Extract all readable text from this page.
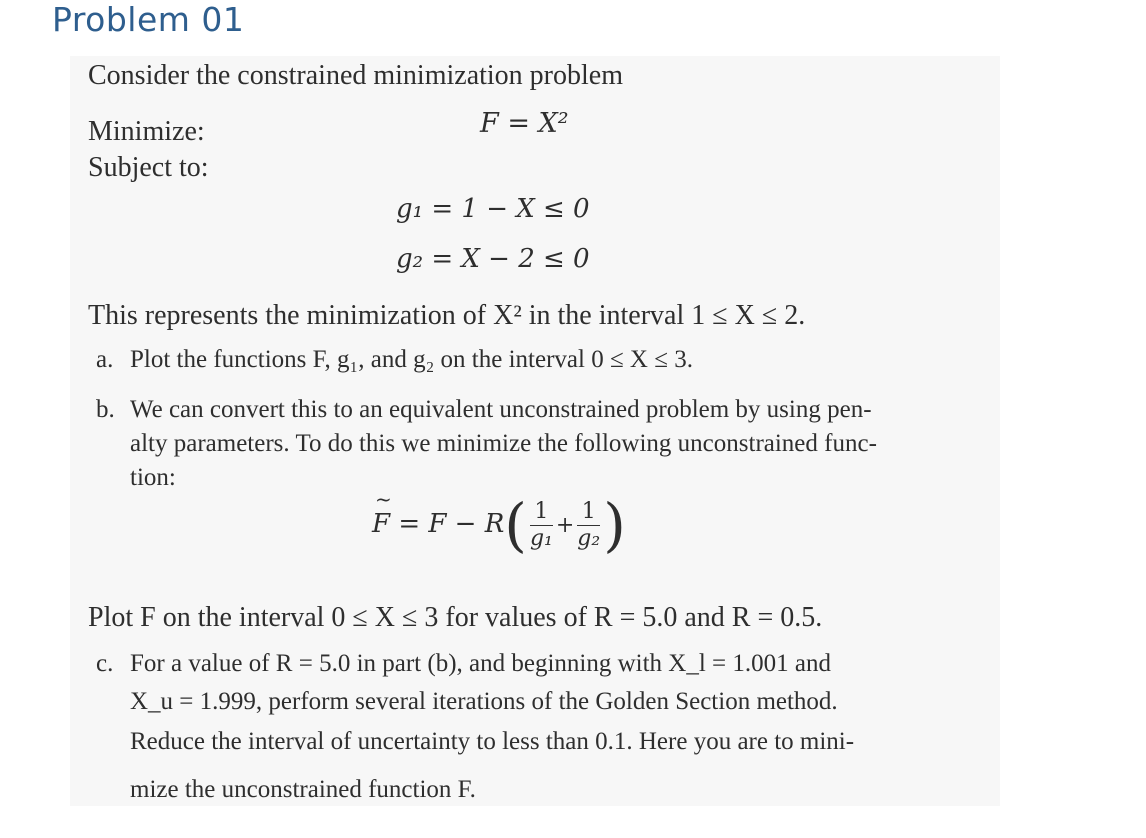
Problem 01
Consider the constrained minimization problem
Minimize:	F = X²
Subject to:
g₁ = 1 − X ≤ 0
g₂ = X − 2 ≤ 0
This represents the minimization of X² in the interval 1 ≤ X ≤ 2.
a. Plot the functions F, g₁, and g₂ on the interval 0 ≤ X ≤ 3.
b. We can convert this to an equivalent unconstrained problem by using pen-
alty parameters. To do this we minimize the following unconstrained func-
tion:
~ $F = F - R( \frac{1}{\text{g₁}} + \frac{1}{\text{g₂}}$ )
Plot F on the interval 0 ≤ X ≤ 3 for values of R = 5.0 and R = 0.5.
c. For a value of R = 5.0 in part (b), and beginning with X_l = 1.001 and
X_u = 1.999, perform several iterations of the Golden Section method.
Reduce the interval of uncertainty to less than 0.1. Here you are to mini-
mize the unconstrained function F.
